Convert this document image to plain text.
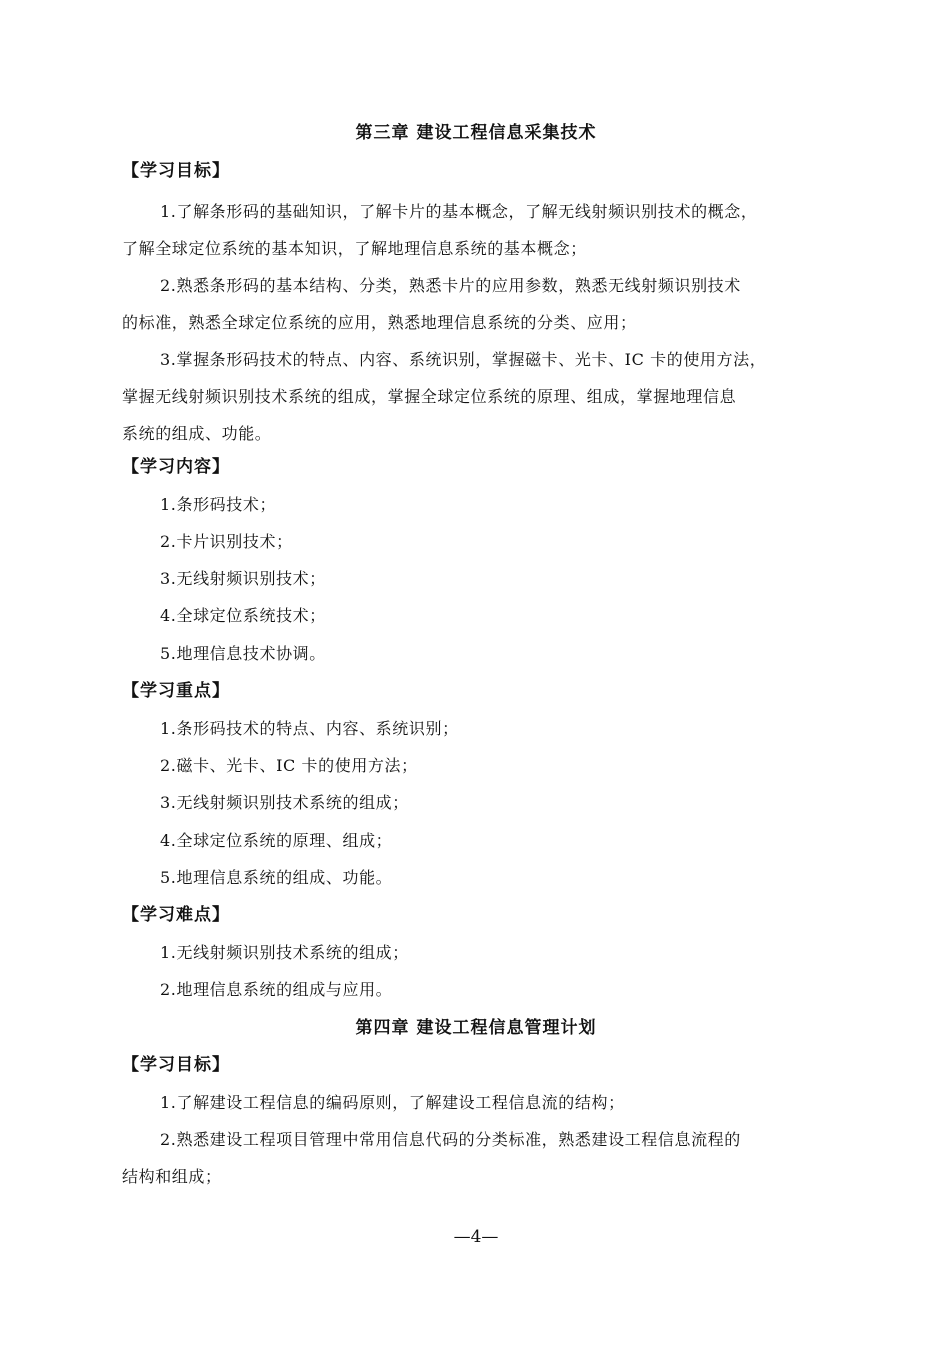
第三章 建设工程信息采集技术
【学习目标】
1.了解条形码的基础知识，了解卡片的基本概念，了解无线射频识别技术的概念，
了解全球定位系统的基本知识，了解地理信息系统的基本概念；
2.熟悉条形码的基本结构、分类，熟悉卡片的应用参数，熟悉无线射频识别技术
的标准，熟悉全球定位系统的应用，熟悉地理信息系统的分类、应用；
3.掌握条形码技术的特点、内容、系统识别，掌握磁卡、光卡、IC 卡的使用方法，
掌握无线射频识别技术系统的组成，掌握全球定位系统的原理、组成，掌握地理信息
系统的组成、功能。
【学习内容】
1.条形码技术；
2.卡片识别技术；
3.无线射频识别技术；
4.全球定位系统技术；
5.地理信息技术协调。
【学习重点】
1.条形码技术的特点、内容、系统识别；
2.磁卡、光卡、IC 卡的使用方法；
3.无线射频识别技术系统的组成；
4.全球定位系统的原理、组成；
5.地理信息系统的组成、功能。
【学习难点】
1.无线射频识别技术系统的组成；
2.地理信息系统的组成与应用。
第四章 建设工程信息管理计划
【学习目标】
1.了解建设工程信息的编码原则，了解建设工程信息流的结构；
2.熟悉建设工程项目管理中常用信息代码的分类标准，熟悉建设工程信息流程的
结构和组成；
—4—
